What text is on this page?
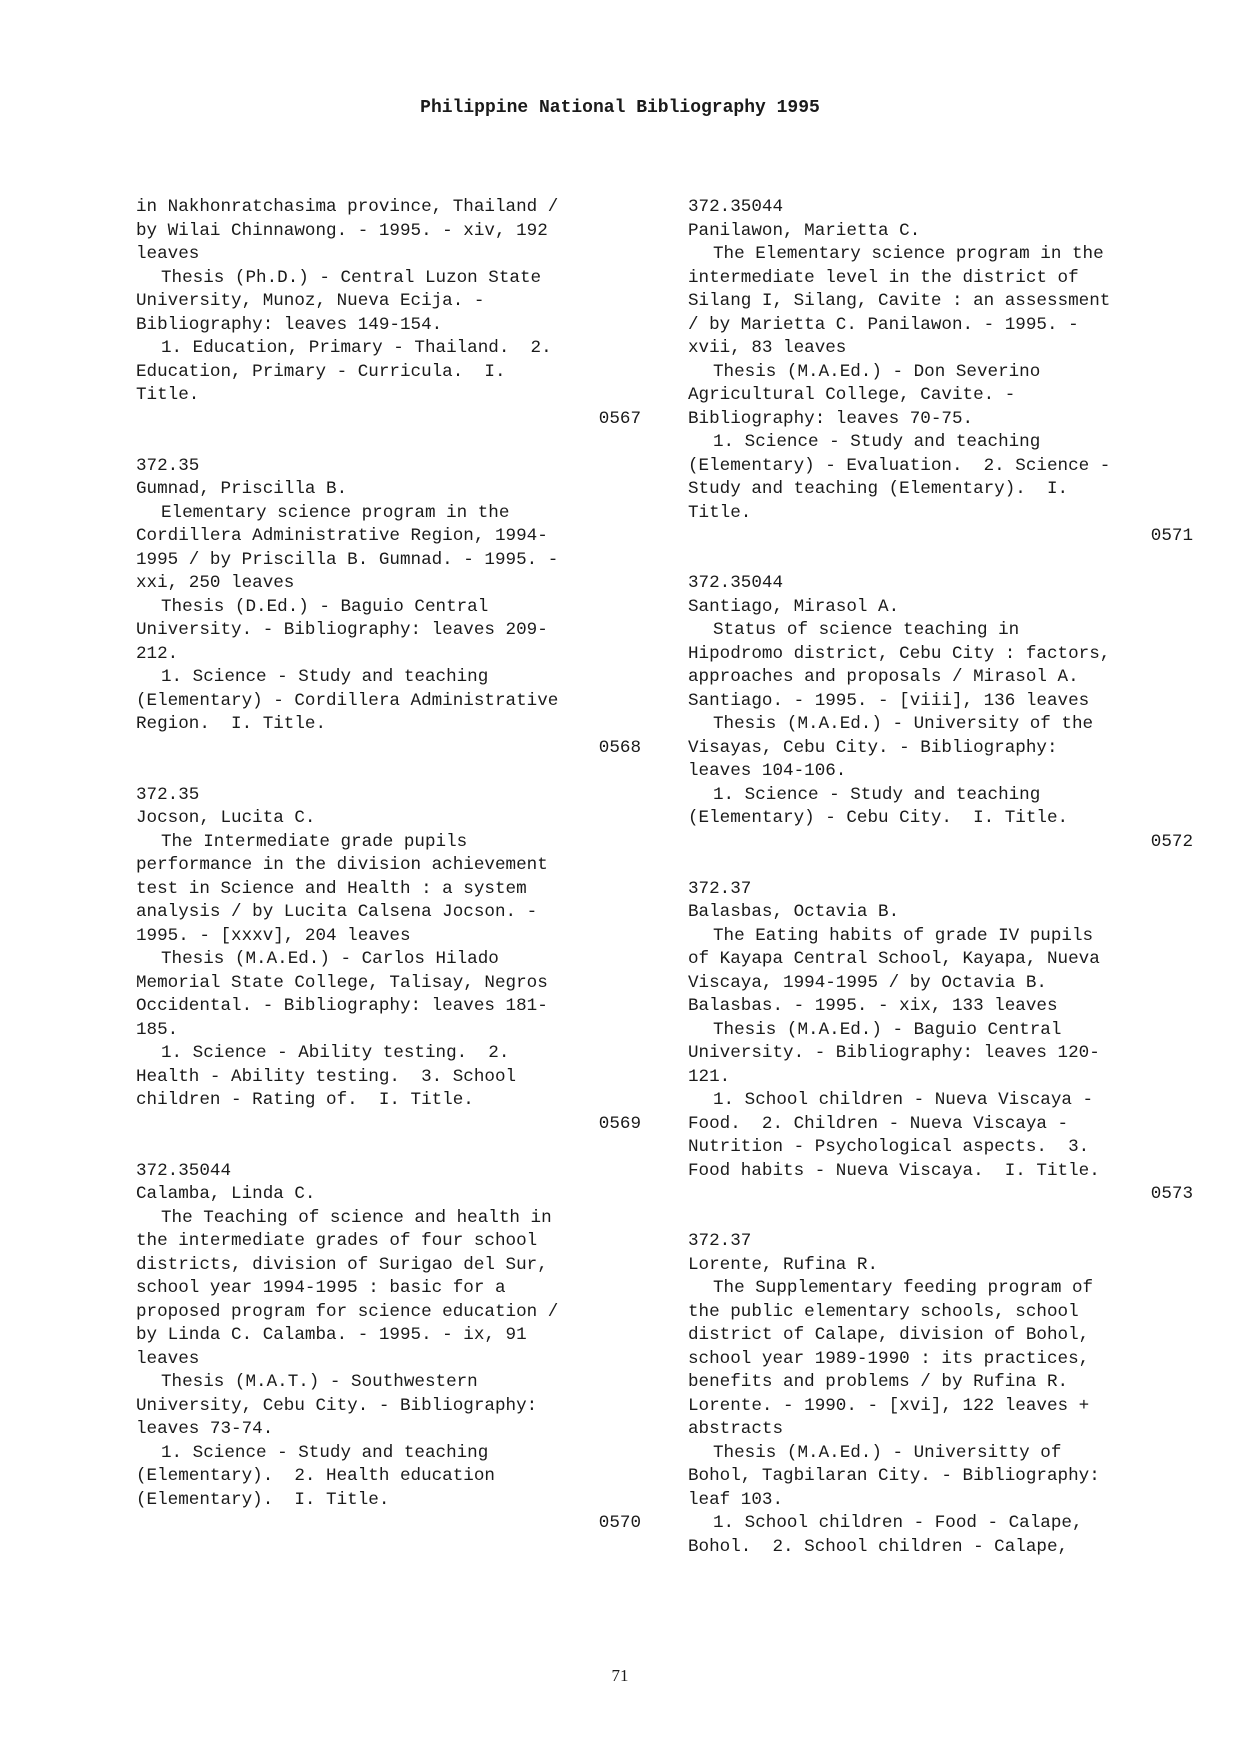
Philippine National Bibliography 1995
in Nakhonratchasima province, Thailand /
by Wilai Chinnawong. - 1995. - xiv, 192
leaves
Thesis (Ph.D.) - Central Luzon State
University, Munoz, Nueva Ecija. -
Bibliography: leaves 149-154.
1. Education, Primary - Thailand.  2.
Education, Primary - Curricula.  I.
Title.
0567
372.35
Gumnad, Priscilla B.
Elementary science program in the
Cordillera Administrative Region, 1994-
1995 / by Priscilla B. Gumnad. - 1995. -
xxi, 250 leaves
Thesis (D.Ed.) - Baguio Central
University. - Bibliography: leaves 209-
212.
1. Science - Study and teaching
(Elementary) - Cordillera Administrative
Region.  I. Title.
0568
372.35
Jocson, Lucita C.
The Intermediate grade pupils
performance in the division achievement
test in Science and Health : a system
analysis / by Lucita Calsena Jocson. -
1995. - [xxxv], 204 leaves
Thesis (M.A.Ed.) - Carlos Hilado
Memorial State College, Talisay, Negros
Occidental. - Bibliography: leaves 181-
185.
1. Science - Ability testing.  2.
Health - Ability testing.  3. School
children - Rating of.  I. Title.
0569
372.35044
Calamba, Linda C.
The Teaching of science and health in
the intermediate grades of four school
districts, division of Surigao del Sur,
school year 1994-1995 : basic for a
proposed program for science education /
by Linda C. Calamba. - 1995. - ix, 91
leaves
Thesis (M.A.T.) - Southwestern
University, Cebu City. - Bibliography:
leaves 73-74.
1. Science - Study and teaching
(Elementary).  2. Health education
(Elementary).  I. Title.
0570
372.35044
Panilawon, Marietta C.
The Elementary science program in the
intermediate level in the district of
Silang I, Silang, Cavite : an assessment
/ by Marietta C. Panilawon. - 1995. -
xvii, 83 leaves
Thesis (M.A.Ed.) - Don Severino
Agricultural College, Cavite. -
Bibliography: leaves 70-75.
1. Science - Study and teaching
(Elementary) - Evaluation.  2. Science -
Study and teaching (Elementary).  I.
Title.
0571
372.35044
Santiago, Mirasol A.
Status of science teaching in
Hipodromo district, Cebu City : factors,
approaches and proposals / Mirasol A.
Santiago. - 1995. - [viii], 136 leaves
Thesis (M.A.Ed.) - University of the
Visayas, Cebu City. - Bibliography:
leaves 104-106.
1. Science - Study and teaching
(Elementary) - Cebu City.  I. Title.
0572
372.37
Balasbas, Octavia B.
The Eating habits of grade IV pupils
of Kayapa Central School, Kayapa, Nueva
Viscaya, 1994-1995 / by Octavia B.
Balasbas. - 1995. - xix, 133 leaves
Thesis (M.A.Ed.) - Baguio Central
University. - Bibliography: leaves 120-
121.
1. School children - Nueva Viscaya -
Food.  2. Children - Nueva Viscaya -
Nutrition - Psychological aspects.  3.
Food habits - Nueva Viscaya.  I. Title.
0573
372.37
Lorente, Rufina R.
The Supplementary feeding program of
the public elementary schools, school
district of Calape, division of Bohol,
school year 1989-1990 : its practices,
benefits and problems / by Rufina R.
Lorente. - 1990. - [xvi], 122 leaves +
abstracts
Thesis (M.A.Ed.) - Universitty of
Bohol, Tagbilaran City. - Bibliography:
leaf 103.
1. School children - Food - Calape,
Bohol.  2. School children - Calape,
71
